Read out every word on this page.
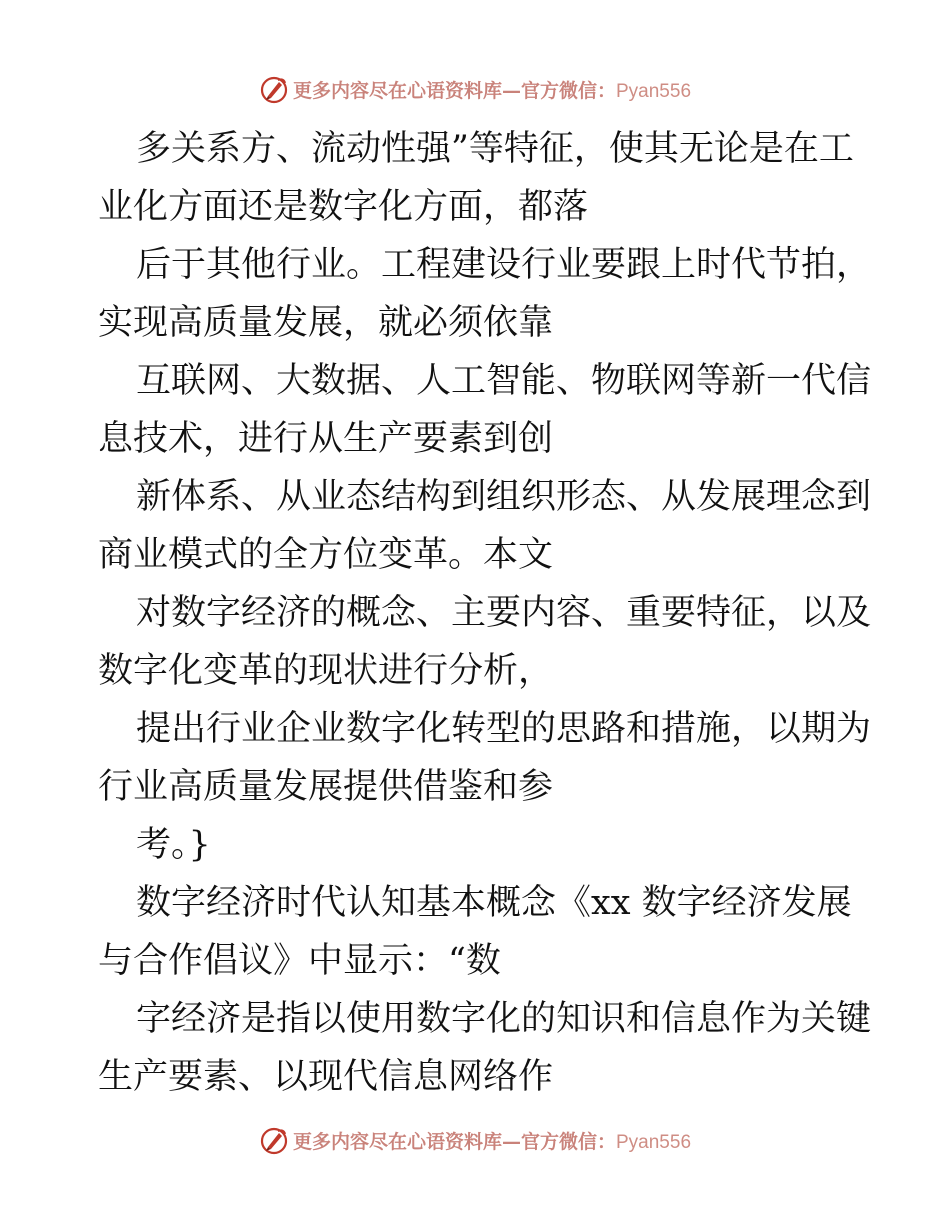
更多内容尽在心语资料库—官方微信：Pyan556
多关系方、流动性强”等特征，使其无论是在工
业化方面还是数字化方面，都落
后于其他行业。工程建设行业要跟上时代节拍，
实现高质量发展，就必须依靠
互联网、大数据、人工智能、物联网等新一代信
息技术，进行从生产要素到创
新体系、从业态结构到组织形态、从发展理念到
商业模式的全方位变革。本文
对数字经济的概念、主要内容、重要特征，以及
数字化变革的现状进行分析，
提出行业企业数字化转型的思路和措施，以期为
行业高质量发展提供借鉴和参
考。}
数字经济时代认知基本概念《xx 数字经济发展
与合作倡议》中显示：“数
字经济是指以使用数字化的知识和信息作为关键
生产要素、以现代信息网络作
更多内容尽在心语资料库—官方微信：Pyan556
